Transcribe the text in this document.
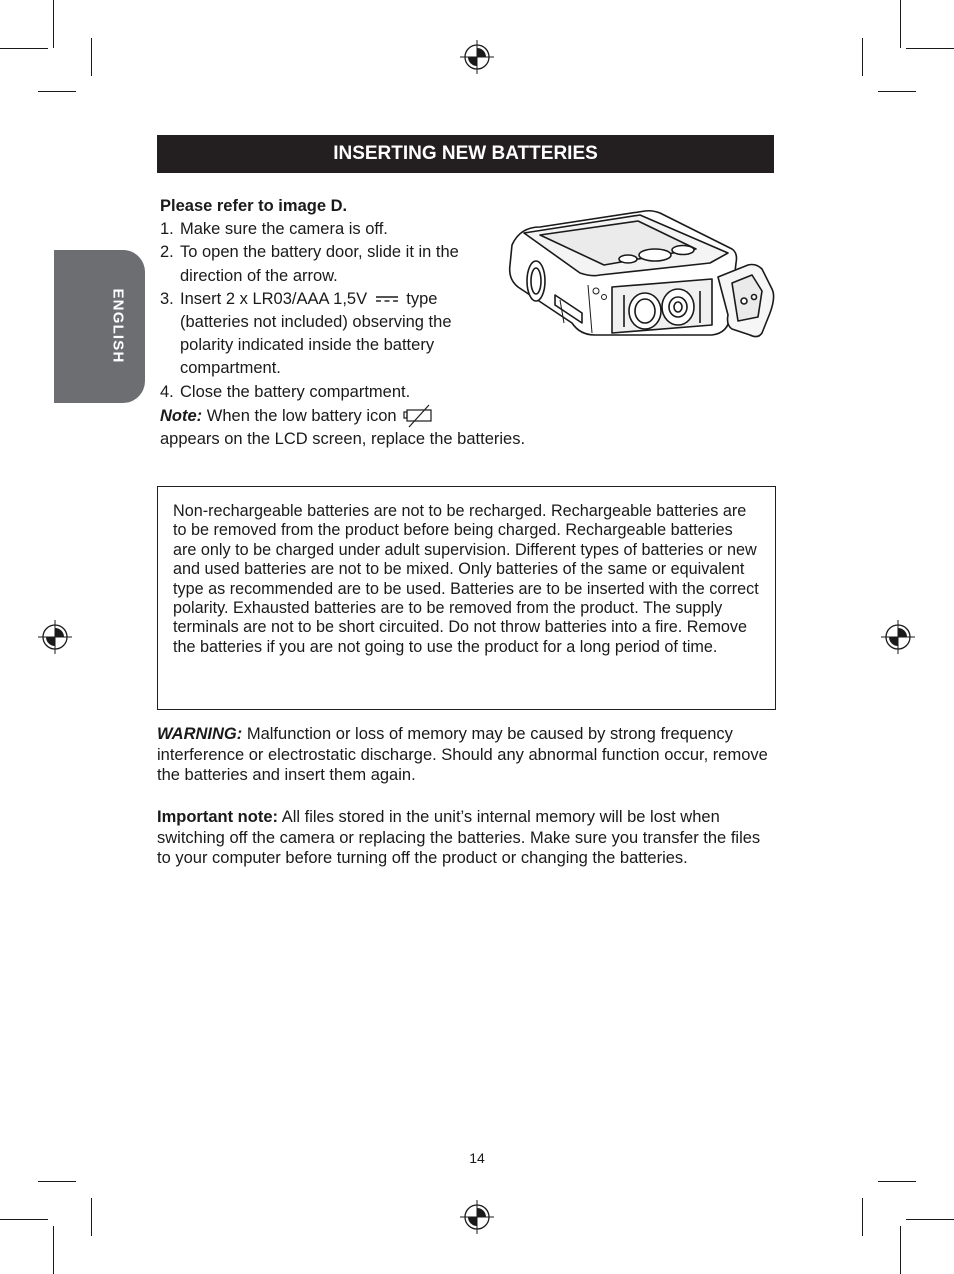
ENGLISH
INSERTING NEW BATTERIES
Please refer to image D.
1. Make sure the camera is off.
2. To open the battery door, slide it in the direction of the arrow.
3. Insert 2 x LR03/AAA 1,5V type (batteries not included) observing the polarity indicated inside the battery compartment.
4. Close the battery compartment.
Note: When the low battery icon
appears on the LCD screen, replace the batteries.
Non-rechargeable batteries are not to be recharged. Rechargeable batteries are to be removed from the product before being charged. Rechargeable batteries are only to be charged under adult supervision. Different types of batteries or new and used batteries are not to be mixed. Only batteries of the same or equivalent type as recommended are to be used. Batteries are to be inserted with the correct polarity. Exhausted batteries are to be removed from the product. The supply terminals are not to be short circuited. Do not throw batteries into a fire. Remove the batteries if you are not going to use the product for a long period of time.
WARNING: Malfunction or loss of memory may be caused by strong frequency interference or electrostatic discharge. Should any abnormal function occur, remove the batteries and insert them again.
Important note: All files stored in the unit’s internal memory will be lost when switching off the camera or replacing the batteries. Make sure you transfer the files to your computer before turning off the product or changing the batteries.
14
